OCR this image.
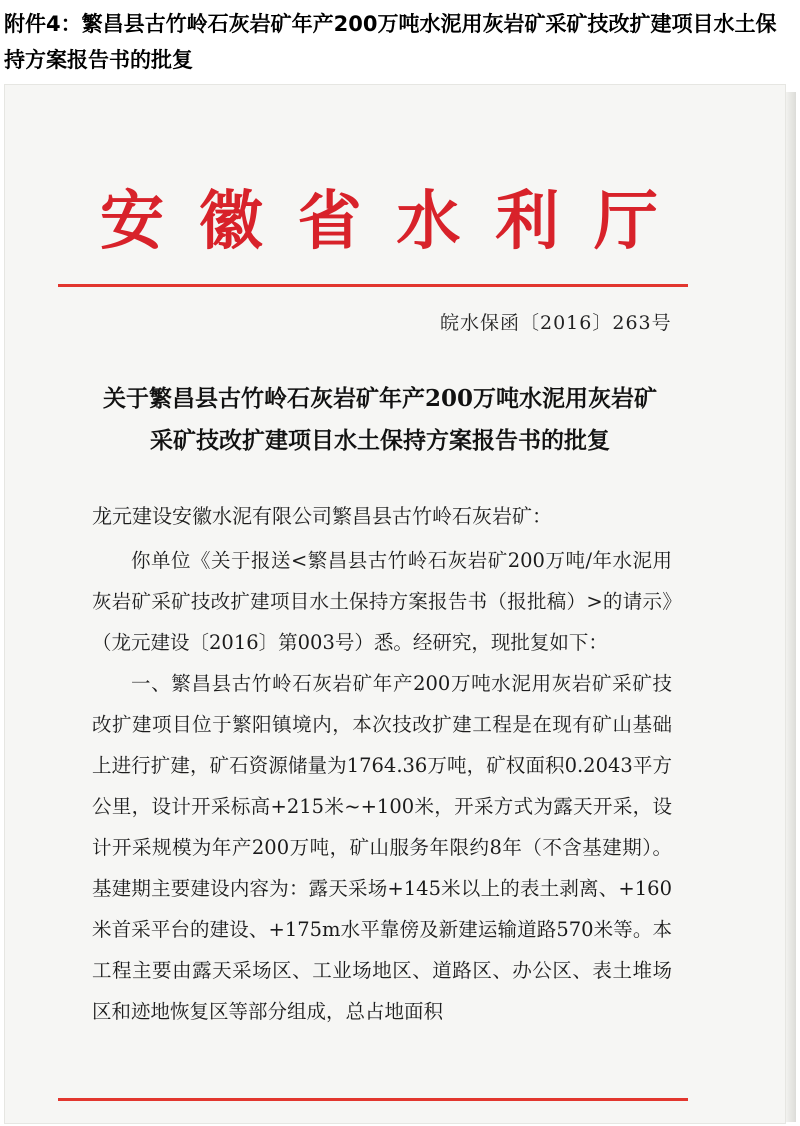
附件4：繁昌县古竹岭石灰岩矿年产200万吨水泥用灰岩矿采矿技改扩建项目水土保持方案报告书的批复
安徽省水利厅
皖水保函〔2016〕263号
关于繁昌县古竹岭石灰岩矿年产200万吨水泥用灰岩矿
采矿技改扩建项目水土保持方案报告书的批复
龙元建设安徽水泥有限公司繁昌县古竹岭石灰岩矿：

你单位《关于报送<繁昌县古竹岭石灰岩矿200万吨/年水泥用灰岩矿采矿技改扩建项目水土保持方案报告书（报批稿）>的请示》（龙元建设〔2016〕第003号）悉。经研究，现批复如下：

一、繁昌县古竹岭石灰岩矿年产200万吨水泥用灰岩矿采矿技改扩建项目位于繁阳镇境内，本次技改扩建工程是在现有矿山基础上进行扩建，矿石资源储量为1764.36万吨，矿权面积0.2043平方公里，设计开采标高+215米~+100米，开采方式为露天开采，设计开采规模为年产200万吨，矿山服务年限约8年（不含基建期）。基建期主要建设内容为：露天采场+145米以上的表土剥离、+160米首采平台的建设、+175m水平靠傍及新建运输道路570米等。本工程主要由露天采场区、工业场地区、道路区、办公区、表土堆场区和迹地恢复区等部分组成，总占地面积
